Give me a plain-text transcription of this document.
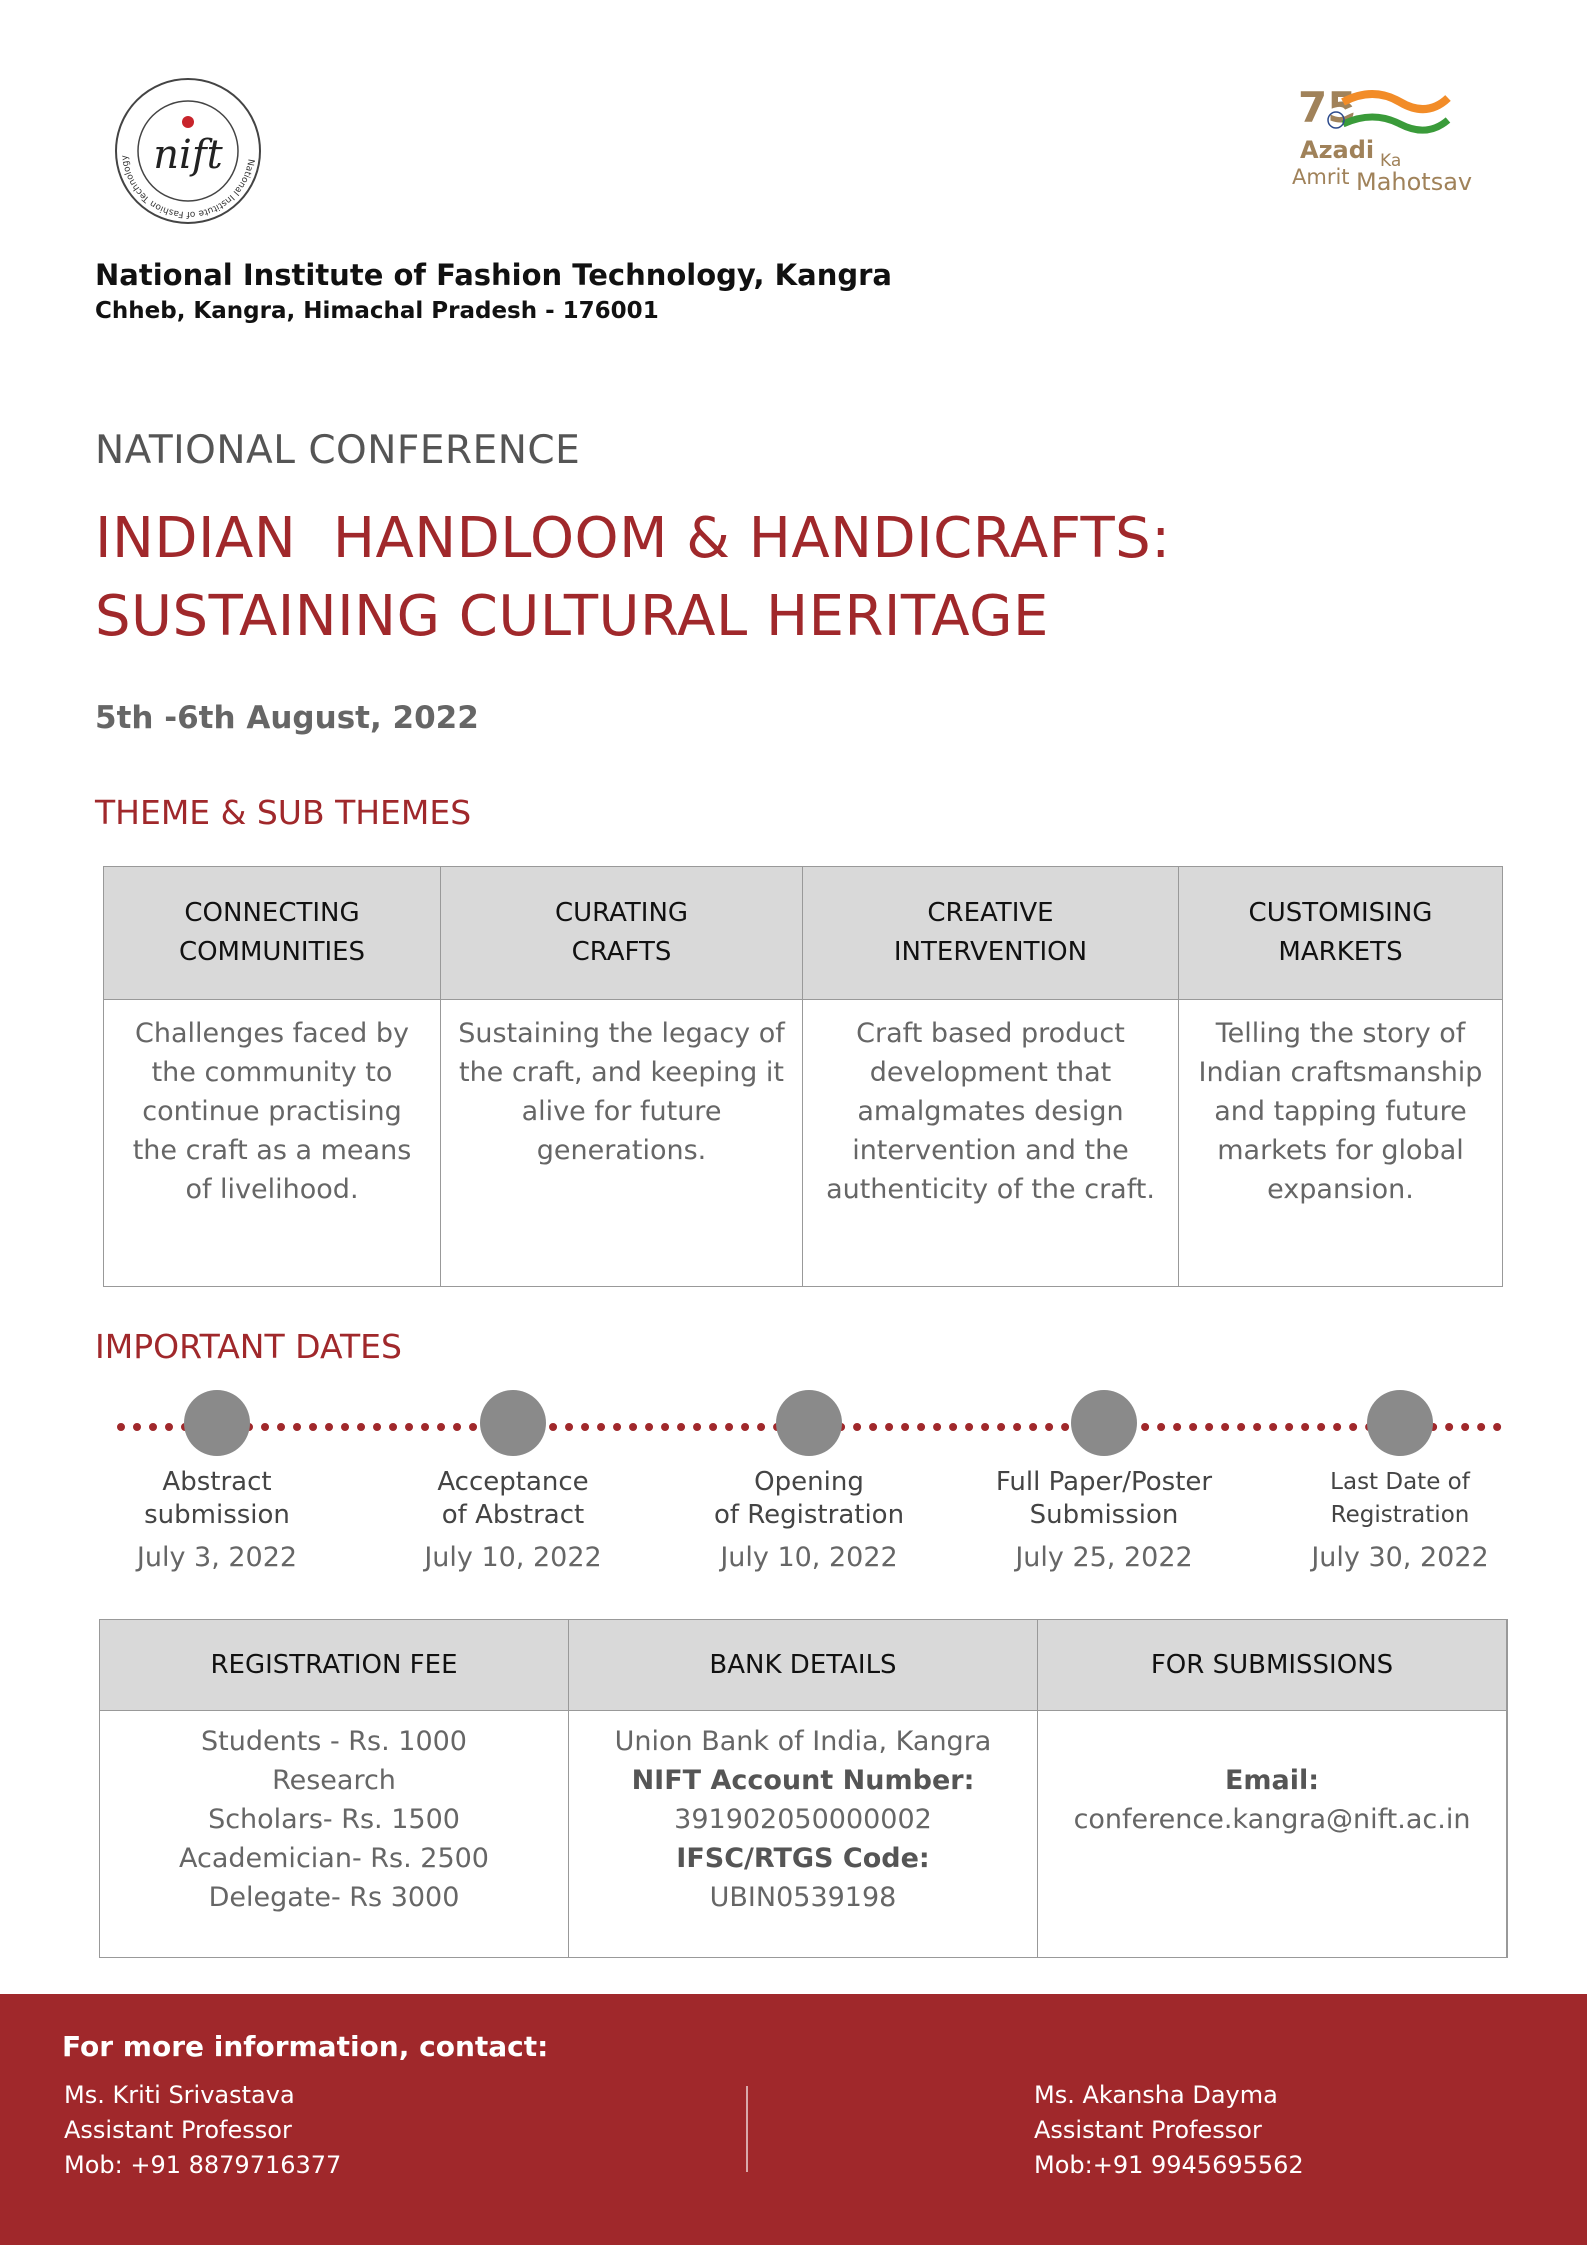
National Institute of Fashion Technology nift
75
Azadi Ka
Amrit Mahotsav
National Institute of Fashion Technology, Kangra
Chheb, Kangra, Himachal Pradesh - 176001
NATIONAL CONFERENCE
INDIAN  HANDLOOM & HANDICRAFTS:
SUSTAINING CULTURAL HERITAGE
5th -6th August, 2022
THEME & SUB THEMES
CONNECTING
COMMUNITIES
CURATING
CRAFTS
CREATIVE
INTERVENTION
CUSTOMISING
MARKETS
Challenges faced by the community to continue practising the craft as a means of livelihood.
Sustaining the legacy of the craft, and keeping it alive for future generations.
Craft based product development that amalgmates design intervention and the authenticity of the craft.
Telling the story of Indian craftsmanship and tapping future markets for global expansion.
IMPORTANT DATES
Abstract
submission
July 3, 2022
Acceptance
of Abstract
July 10, 2022
Opening
of Registration
July 10, 2022
Full Paper/Poster
Submission
July 25, 2022
Last Date of
Registration
July 30, 2022
REGISTRATION FEE	BANK DETAILS	FOR SUBMISSIONS
Students - Rs. 1000
Research
Scholars- Rs. 1500
Academician- Rs. 2500
Delegate- Rs 3000
Union Bank of India, Kangra
NIFT Account Number:
391902050000002
IFSC/RTGS Code:
UBIN0539198
Email:
conference.kangra@nift.ac.in
For more information, contact:
Ms. Kriti Srivastava
Assistant Professor
Mob: +91 8879716377
Ms. Akansha Dayma
Assistant Professor
Mob:+91 9945695562
